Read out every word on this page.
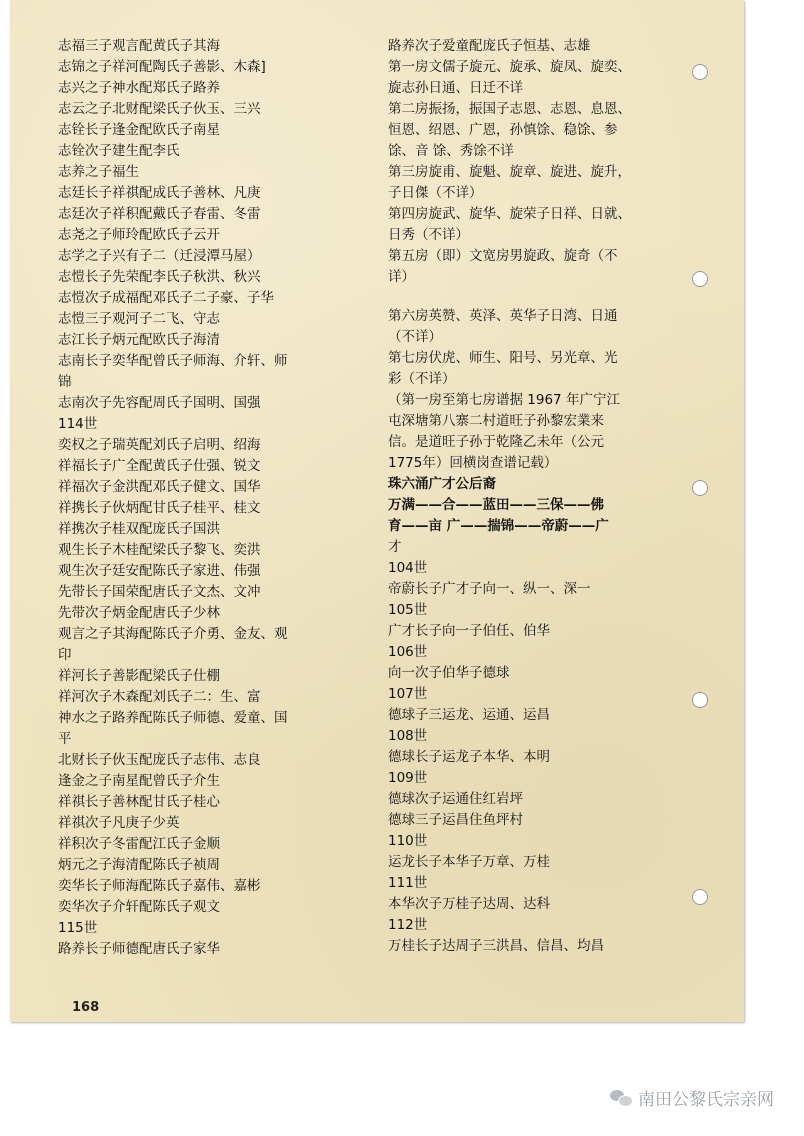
志福三子观言配黄氏子其海
志锦之子祥河配陶氏子善影、木森]
志兴之子神水配郑氏子路养
志云之子北财配梁氏子伙玉、三兴
志铨长子逢金配欧氏子南星
志铨次子建生配李氏
志养之子福生
志廷长子祥祺配成氏子善林、凡庚
志廷次子祥积配戴氏子春雷、冬雷
志尧之子师玲配欧氏子云开
志学之子兴有子二（迁浸潭马屋）
志愷长子先荣配李氏子秋洪、秋兴
志愷次子成福配邓氏子二子豪、子华
志愷三子观河子二飞、守志
志江长子炳元配欧氏子海清
志南长子奕华配曾氏子师海、介轩、师
锦
志南次子先容配周氏子国明、国强
114世
奕权之子瑞英配刘氏子启明、绍海
祥福长子广全配黄氏子仕强、锐文
祥福次子金洪配邓氏子健文、国华
祥携长子伙炳配甘氏子桂平、桂文
祥携次子桂双配庞氏子国洪
观生长子木桂配梁氏子黎飞、奕洪
观生次子廷安配陈氏子家进、伟强
先带长子国荣配唐氏子文杰、文冲
先带次子炳金配唐氏子少林
观言之子其海配陈氏子介勇、金友、观
印
祥河长子善影配梁氏子仕棚
祥河次子木森配刘氏子二：生、富
神水之子路养配陈氏子师德、爱童、国
平
北财长子伙玉配庞氏子志伟、志良
逢金之子南星配曾氏子介生
祥祺长子善林配甘氏子桂心
祥祺次子凡庚子少英
祥积次子冬雷配江氏子金顺
炳元之子海清配陈氏子祯周
奕华长子师海配陈氏子嘉伟、嘉彬
奕华次子介轩配陈氏子观文
115世
路养长子师德配唐氏子家华
路养次子爱童配庞氏子恒基、志雄
第一房文儒子旋元、旋承、旋凤、旋奕、
旋志孙日通、日迁不详
第二房振扬，振国子志恩、志恩、息恩、
恒恩、绍恩、广恩，孙慎馀、稳馀、参
馀、音 馀、秀馀不详
第三房旋甫、旋魁、旋章、旋进、旋升，
子日傑（不详）
第四房旋武、旋华、旋荣子日祥、日就、
日秀（不详）
第五房（即）文宽房男旋政、旋奇（不
详）
第六房英赞、英泽、英华子日湾、日通
（不详）
第七房伏虎、师生、阳号、另光章、光
彩（不详）
（第一房至第七房谱据 1967 年广宁江
屯深塘第八寨二村道旺子孙黎宏業来
信。是道旺子孙于乾隆乙未年（公元
1775年）回横岗查谱记载）
珠六涌广才公后裔
万满——合——蓝田——三保——佛
育——亩 广——揣锦——帝蔚——广
才
104世
帝蔚长子广才子向一、纵一、深一
105世
广才长子向一子伯任、伯华
106世
向一次子伯华子德球
107世
德球子三运龙、运通、运昌
108世
德球长子运龙子本华、本明
109世
德球次子运通住红岩坪
德球三子运昌住鱼坪村
110世
运龙长子本华子万章、万桂
111世
本华次子万桂子达周、达科
112世
万桂长子达周子三洪昌、信昌、均昌
168
南田公黎氏宗亲网
